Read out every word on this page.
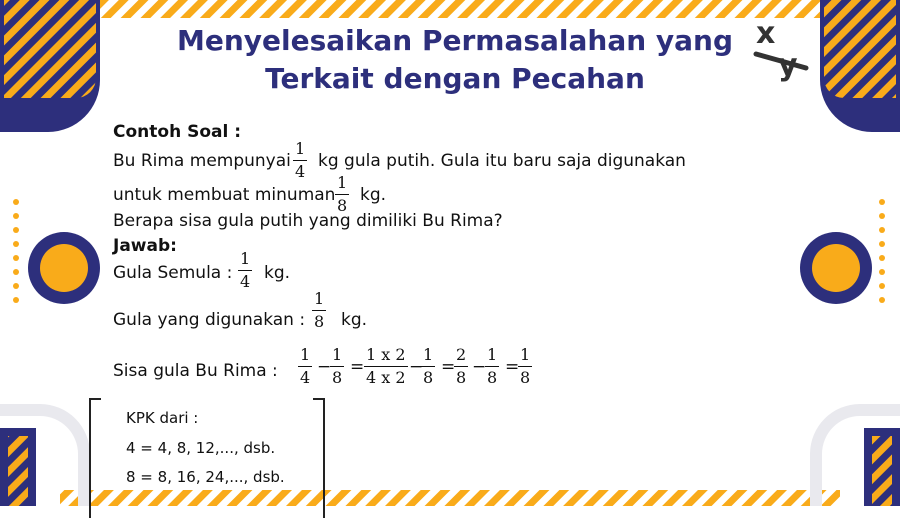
x
y
Menyelesaikan Permasalahan yang
Terkait dengan Pecahan
Contoh Soal :
Bu Rima mempunyai
1
4
kg gula putih. Gula itu baru saja digunakan
untuk membuat minuman
1
8
kg.
Berapa sisa gula putih yang dimiliki Bu Rima?
Jawab:
Gula Semula :
1
4 kg.
Gula yang digunakan :
1
8 kg.
Sisa gula Bu Rima :
1
4
−
1
8
=
1 x 2
4 x 2
−
1
8
=
2
8
−
1
8
=
1
8
KPK dari :
4 = 4, 8, 12,..., dsb.
8 = 8, 16, 24,..., dsb.
